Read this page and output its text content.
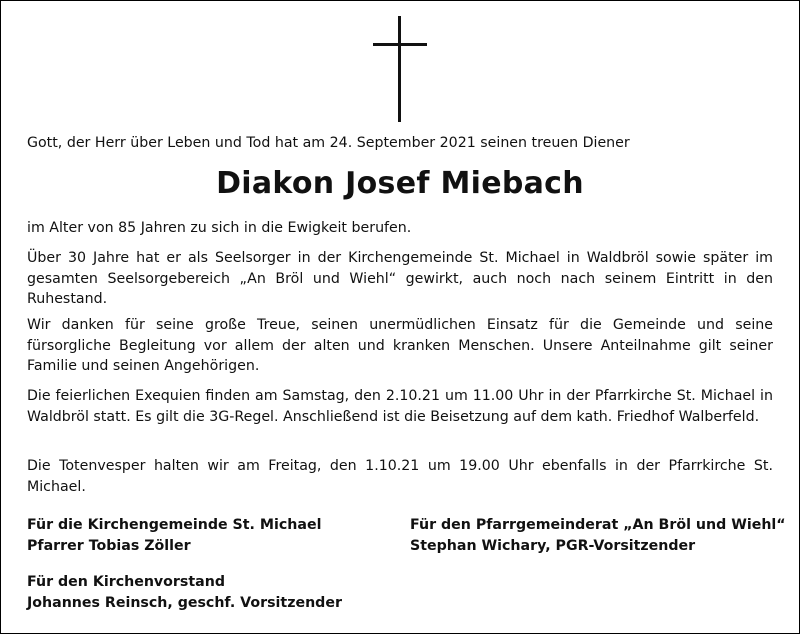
Gott, der Herr über Leben und Tod hat am 24. September 2021 seinen treuen Diener
Diakon Josef Miebach
im Alter von 85 Jahren zu sich in die Ewigkeit berufen.
Über 30 Jahre hat er als Seelsorger in der Kirchengemeinde St. Michael in Waldbröl sowie später im gesamten Seelsorgebereich „An Bröl und Wiehl“ gewirkt, auch noch nach seinem Eintritt in den Ruhestand.
Wir danken für seine große Treue, seinen unermüdlichen Einsatz für die Gemeinde und seine fürsorgliche Begleitung vor allem der alten und kranken Menschen. Unsere Anteilnahme gilt seiner Familie und seinen Angehörigen.
Die feierlichen Exequien finden am Samstag, den 2.10.21 um 11.00 Uhr in der Pfarrkirche St. Michael in Waldbröl statt. Es gilt die 3G-Regel. Anschließend ist die Beisetzung auf dem kath. Friedhof Walberfeld.
Die Totenvesper halten wir am Freitag, den 1.10.21 um 19.00 Uhr ebenfalls in der Pfarrkirche St. Michael.
Für die Kirchengemeinde St. Michael
Pfarrer Tobias Zöller
Für den Pfarrgemeinderat „An Bröl und Wiehl“
Stephan Wichary, PGR-Vorsitzender
Für den Kirchenvorstand
Johannes Reinsch, geschf. Vorsitzender
